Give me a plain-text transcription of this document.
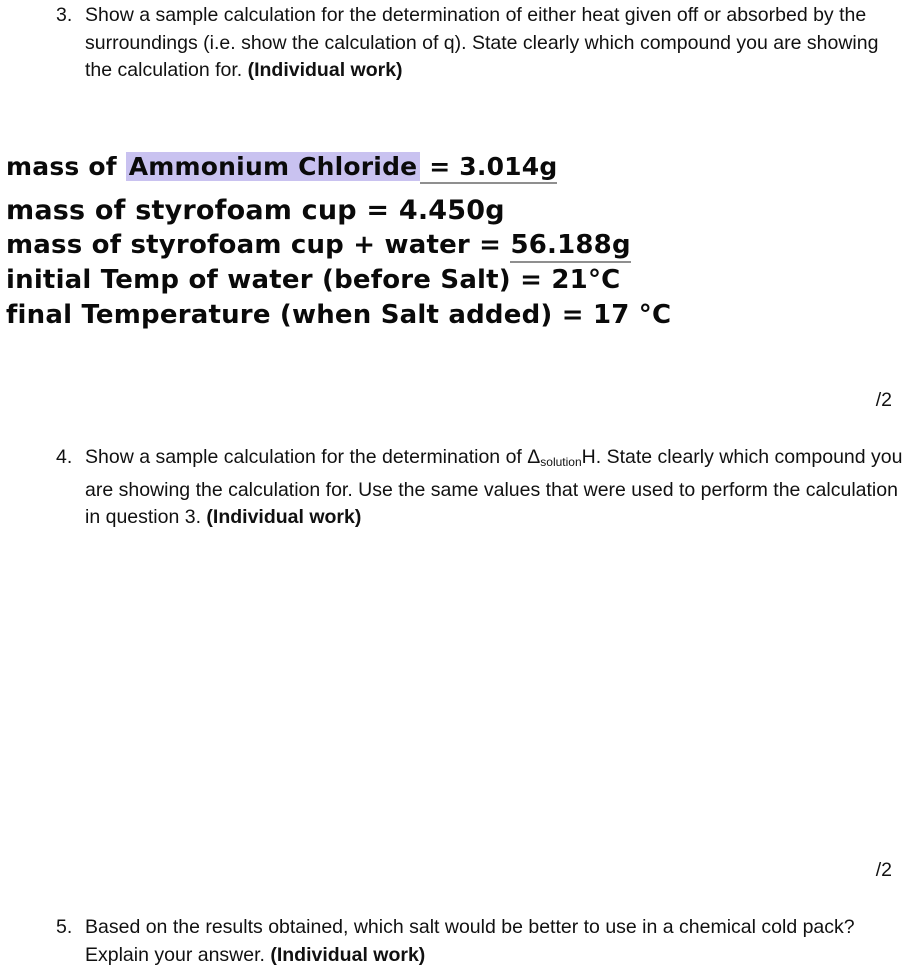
3. Show a sample calculation for the determination of either heat given off or absorbed by the surroundings (i.e. show the calculation of q). State clearly which compound you are showing the calculation for. (Individual work)
mass of Ammonium Chloride = 3.014g
mass of styrofoam cup = 4.450g
mass of styrofoam cup + water = 56.188g
initial Temp of water (before Salt) = 21°C
final Temperature (when Salt added) = 17 °C
/2
4. Show a sample calculation for the determination of $\Delta_{solution}H$. State clearly which compound you are showing the calculation for. Use the same values that were used to perform the calculation in question 3. (Individual work)
/2
5. Based on the results obtained, which salt would be better to use in a chemical cold pack? Explain your answer. (Individual work)
